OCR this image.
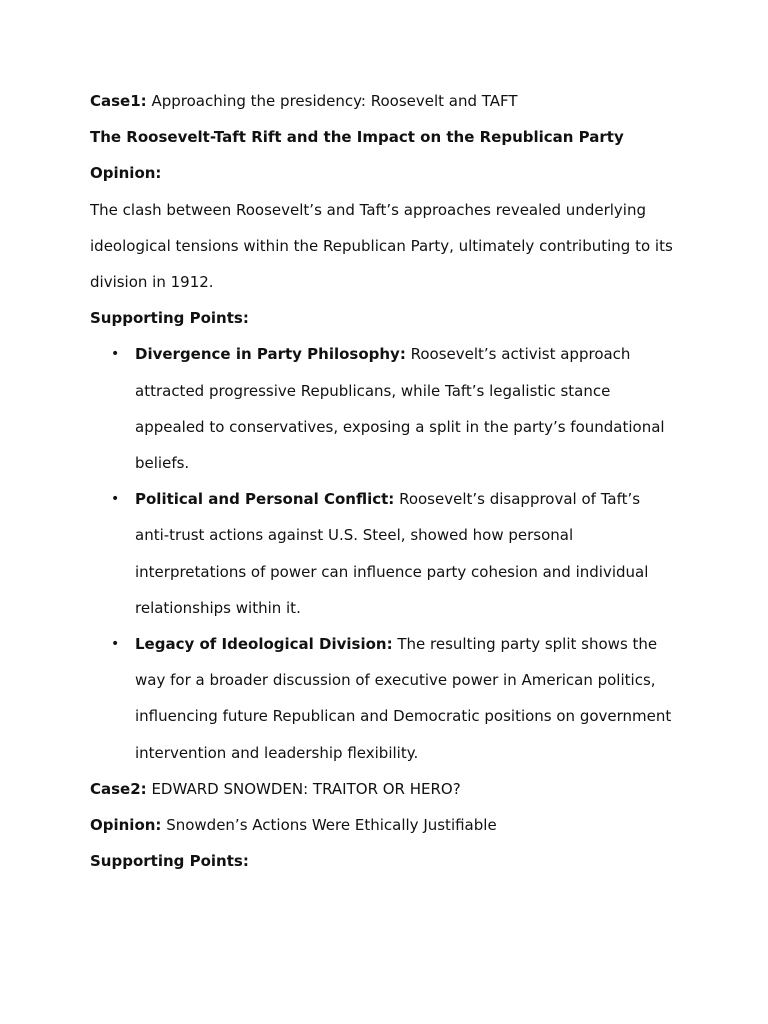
Case1: Approaching the presidency: Roosevelt and TAFT

The Roosevelt-Taft Rift and the Impact on the Republican Party

Opinion:

The clash between Roosevelt’s and Taft’s approaches revealed underlying

ideological tensions within the Republican Party, ultimately contributing to its

division in 1912.

Supporting Points:

• Divergence in Party Philosophy: Roosevelt’s activist approach
attracted progressive Republicans, while Taft’s legalistic stance
appealed to conservatives, exposing a split in the party’s foundational
beliefs.
• Political and Personal Conflict: Roosevelt’s disapproval of Taft’s
anti-trust actions against U.S. Steel, showed how personal
interpretations of power can influence party cohesion and individual
relationships within it.
• Legacy of Ideological Division: The resulting party split shows the
way for a broader discussion of executive power in American politics,
influencing future Republican and Democratic positions on government
intervention and leadership flexibility.

Case2: EDWARD SNOWDEN: TRAITOR OR HERO?

Opinion: Snowden’s Actions Were Ethically Justifiable

Supporting Points:
